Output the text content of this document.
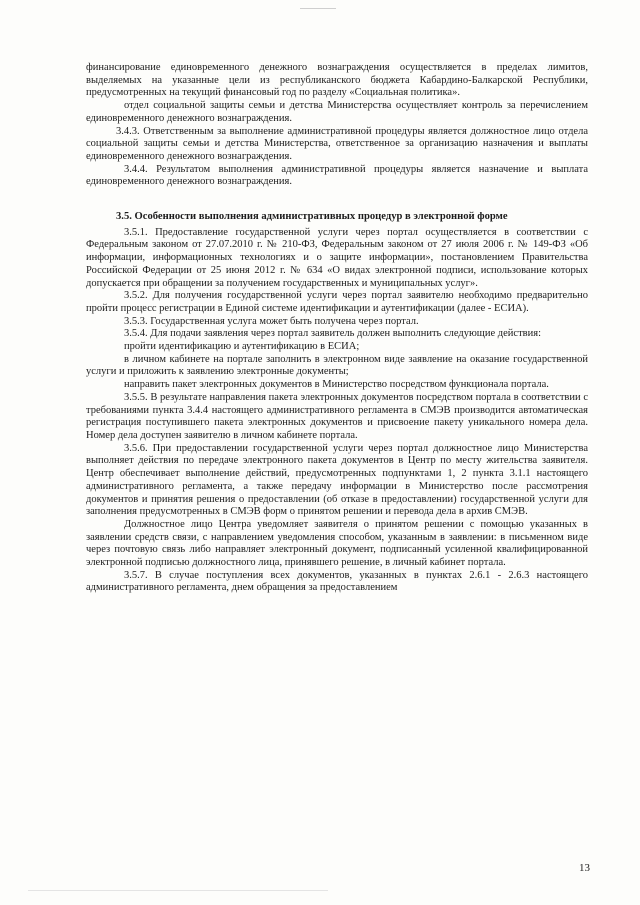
финансирование единовременного денежного вознаграждения осуществляется в пределах лимитов, выделяемых на указанные цели из республиканского бюджета Кабардино-Балкарской Республики, предусмотренных на текущий финансовый год по разделу «Социальная политика».

отдел социальной защиты семьи и детства Министерства осуществляет контроль за перечислением единовременного денежного вознаграждения.

3.4.3. Ответственным за выполнение административной процедуры является должностное лицо отдела социальной защиты семьи и детства Министерства, ответственное за организацию назначения и выплаты единовременного денежного вознаграждения.

3.4.4. Результатом выполнения административной процедуры является назначение и выплата единовременного денежного вознаграждения.

3.5. Особенности выполнения административных процедур в электронной форме

3.5.1. Предоставление государственной услуги через портал осуществляется в соответствии с Федеральным законом от 27.07.2010 г. № 210-ФЗ, Федеральным законом от 27 июля 2006 г. № 149-ФЗ «Об информации, информационных технологиях и о защите информации», постановлением Правительства Российской Федерации от 25 июня 2012 г. № 634 «О видах электронной подписи, использование которых допускается при обращении за получением государственных и муниципальных услуг».

3.5.2. Для получения государственной услуги через портал заявителю необходимо предварительно пройти процесс регистрации в Единой системе идентификации и аутентификации (далее - ЕСИА).

3.5.3. Государственная услуга может быть получена через портал.

3.5.4. Для подачи заявления через портал заявитель должен выполнить следующие действия:

пройти идентификацию и аутентификацию в ЕСИА;

в личном кабинете на портале заполнить в электронном виде заявление на оказание государственной услуги и приложить к заявлению электронные документы;

направить пакет электронных документов в Министерство посредством функционала портала.

3.5.5. В результате направления пакета электронных документов посредством портала в соответствии с требованиями пункта 3.4.4 настоящего административного регламента в СМЭВ производится автоматическая регистрация поступившего пакета электронных документов и присвоение пакету уникального номера дела. Номер дела доступен заявителю в личном кабинете портала.

3.5.6. При предоставлении государственной услуги через портал должностное лицо Министерства выполняет действия по передаче электронного пакета документов в Центр по месту жительства заявителя. Центр обеспечивает выполнение действий, предусмотренных подпунктами 1, 2 пункта 3.1.1 настоящего административного регламента, а также передачу информации в Министерство после рассмотрения документов и принятия решения о предоставлении (об отказе в предоставлении) государственной услуги для заполнения предусмотренных в СМЭВ форм о принятом решении и перевода дела в архив СМЭВ.

Должностное лицо Центра уведомляет заявителя о принятом решении с помощью указанных в заявлении средств связи, с направлением уведомления способом, указанным в заявлении: в письменном виде через почтовую связь либо направляет электронный документ, подписанный усиленной квалифицированной электронной подписью должностного лица, принявшего решение, в личный кабинет портала.

3.5.7. В случае поступления всех документов, указанных в пунктах 2.6.1 - 2.6.3 настоящего административного регламента, днем обращения за предоставлением

13
